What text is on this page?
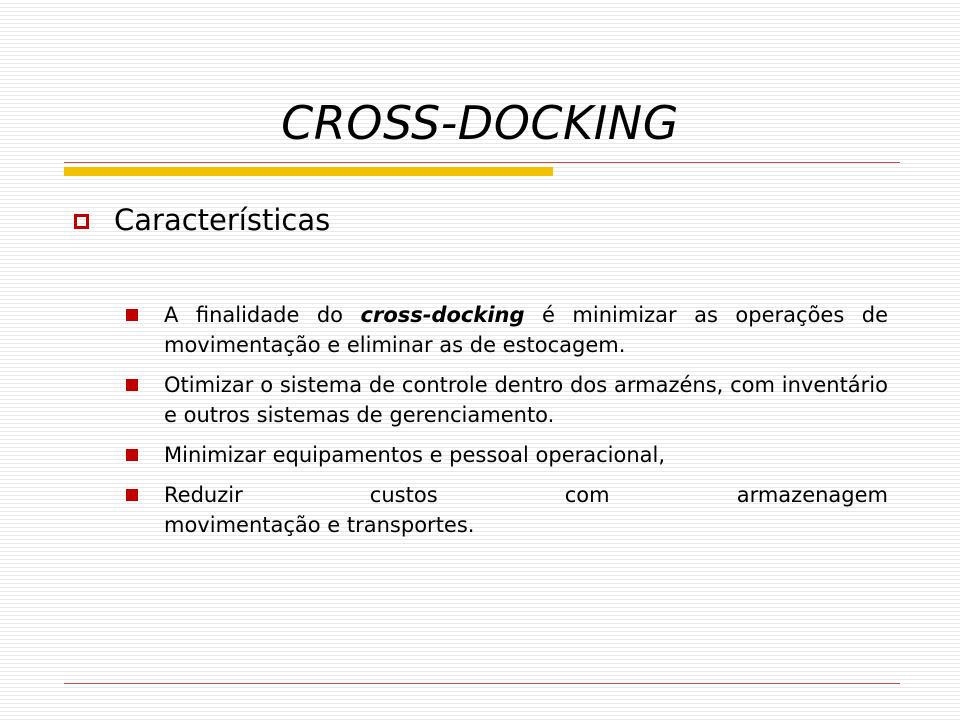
CROSS-DOCKING
Características
A finalidade do cross-docking é minimizar as operações de movimentação e eliminar as de estocagem.
Otimizar o sistema de controle dentro dos armazéns, com inventário e outros sistemas de gerenciamento.
Minimizar equipamentos e pessoal operacional,
Reduzir custos com armazenagem
movimentação e transportes.
